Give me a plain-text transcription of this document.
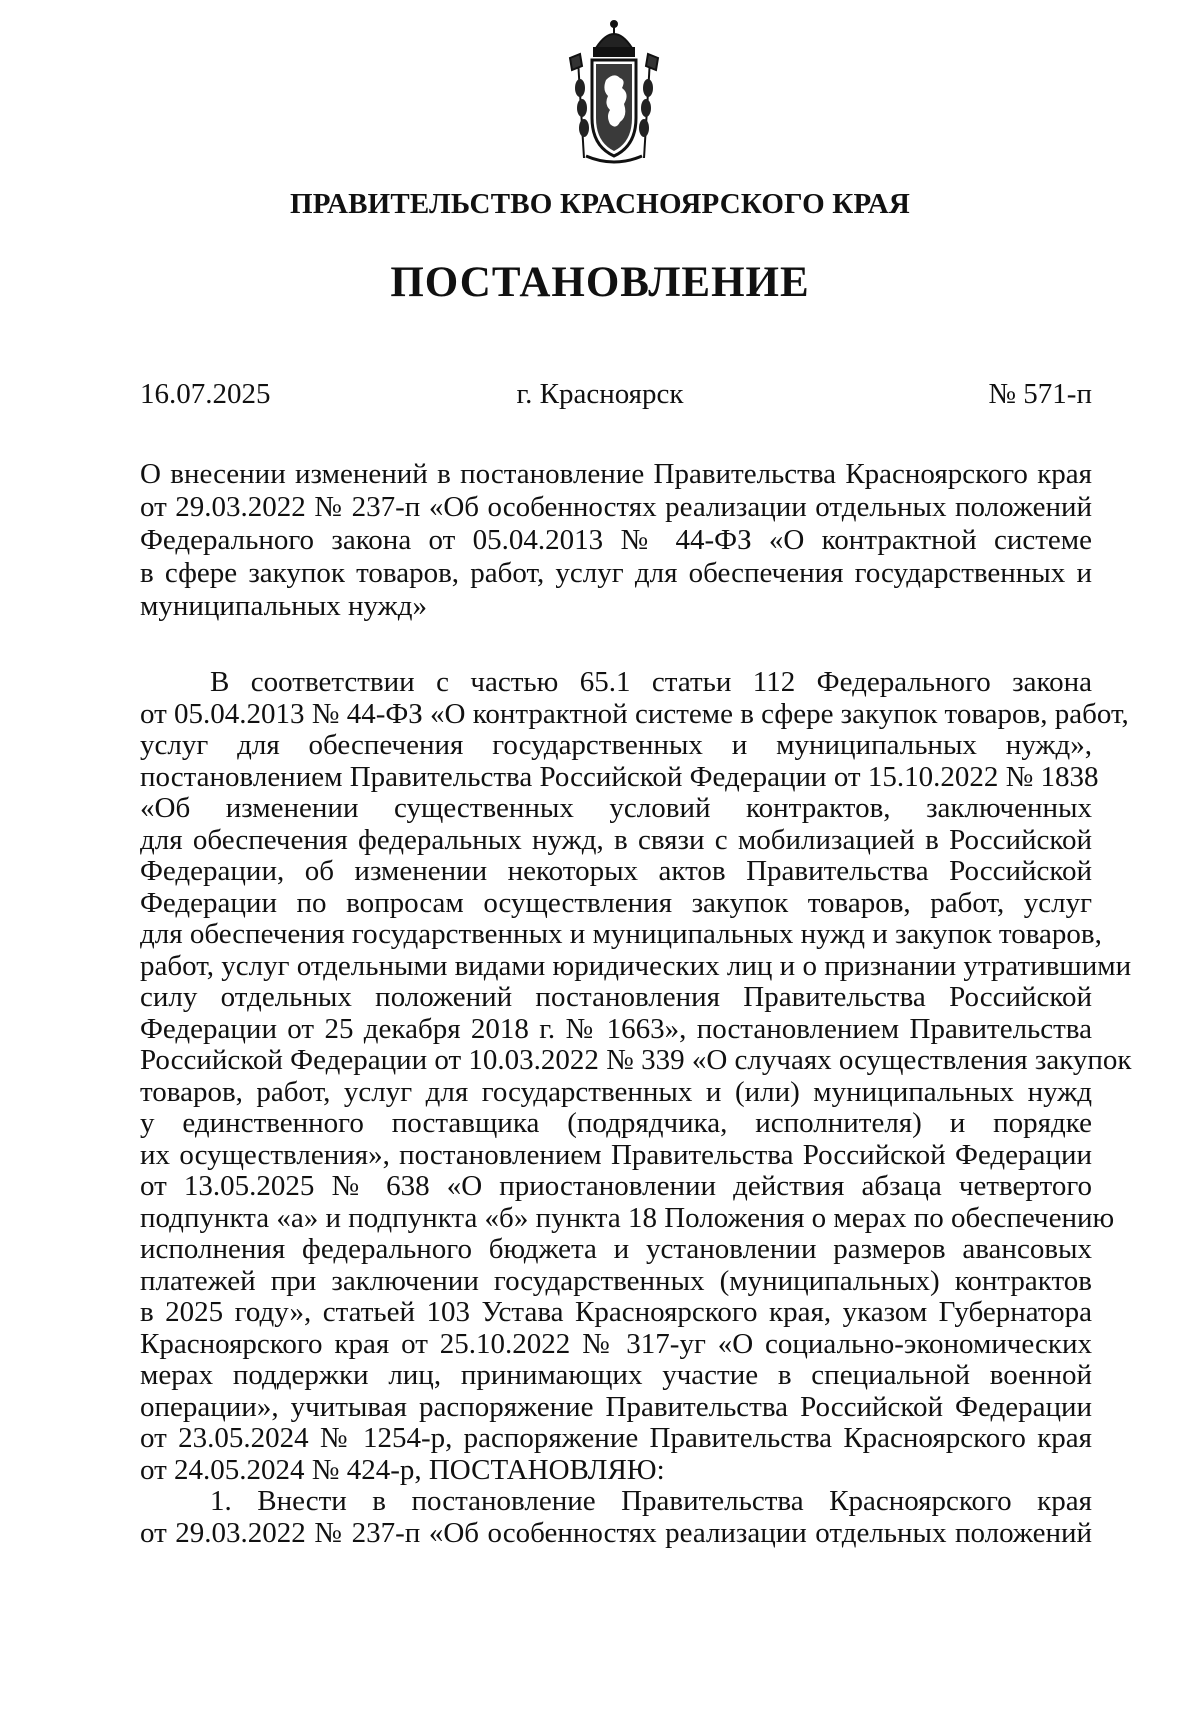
ПРАВИТЕЛЬСТВО КРАСНОЯРСКОГО КРАЯ
ПОСТАНОВЛЕНИЕ
16.07.2025	г. Красноярск	№ 571-п
О внесении изменений в постановление Правительства Красноярского края
от 29.03.2022 № 237-п «Об особенностях реализации отдельных положений
Федерального закона от 05.04.2013 № 44-ФЗ «О контрактной системе
в сфере закупок товаров, работ, услуг для обеспечения государственных и
муниципальных нужд»
В соответствии с частью 65.1 статьи 112 Федерального закона
от 05.04.2013 № 44-ФЗ «О контрактной системе в сфере закупок товаров, работ,
услуг для обеспечения государственных и муниципальных нужд»,
постановлением Правительства Российской Федерации от 15.10.2022 № 1838
«Об изменении существенных условий контрактов, заключенных
для обеспечения федеральных нужд, в связи с мобилизацией в Российской
Федерации, об изменении некоторых актов Правительства Российской
Федерации по вопросам осуществления закупок товаров, работ, услуг
для обеспечения государственных и муниципальных нужд и закупок товаров,
работ, услуг отдельными видами юридических лиц и о признании утратившими
силу отдельных положений постановления Правительства Российской
Федерации от 25 декабря 2018 г. № 1663», постановлением Правительства
Российской Федерации от 10.03.2022 № 339 «О случаях осуществления закупок
товаров, работ, услуг для государственных и (или) муниципальных нужд
у единственного поставщика (подрядчика, исполнителя) и порядке
их осуществления», постановлением Правительства Российской Федерации
от 13.05.2025 № 638 «О приостановлении действия абзаца четвертого
подпункта «а» и подпункта «б» пункта 18 Положения о мерах по обеспечению
исполнения федерального бюджета и установлении размеров авансовых
платежей при заключении государственных (муниципальных) контрактов
в 2025 году», статьей 103 Устава Красноярского края, указом Губернатора
Красноярского края от 25.10.2022 № 317-уг «О социально-экономических
мерах поддержки лиц, принимающих участие в специальной военной
операции», учитывая распоряжение Правительства Российской Федерации
от 23.05.2024 № 1254-р, распоряжение Правительства Красноярского края
от 24.05.2024 № 424-р, ПОСТАНОВЛЯЮ:
1. Внести в постановление Правительства Красноярского края
от 29.03.2022 № 237-п «Об особенностях реализации отдельных положений
